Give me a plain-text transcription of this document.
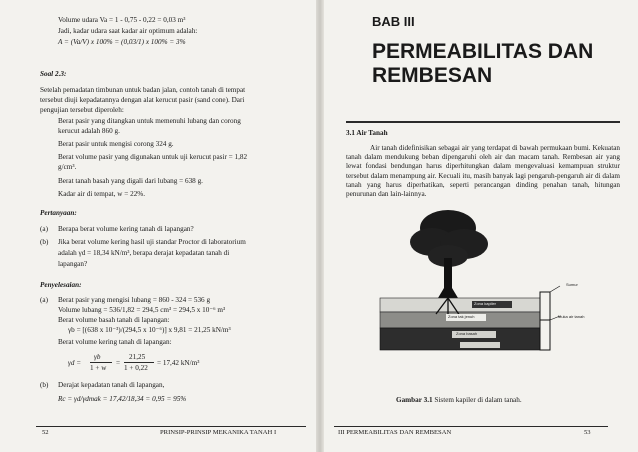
Volume udara Va = 1 - 0,75 - 0,22 = 0,03 m³
Jadi, kadar udara saat kadar air optimum adalah:
A = (Va/V) x 100% = (0,03/1) x 100% = 3%
Soal 2.3:
Setelah pemadatan timbunan untuk badan jalan, contoh tanah di tempat
tersebut diuji kepadatannya dengan alat kerucut pasir (sand cone). Dari
pengujian tersebut diperoleh:
Berat pasir yang ditangkan untuk memenuhi lubang dan corong
kerucut adalah 860 g.
Berat pasir untuk mengisi corong 324 g.
Berat volume pasir yang digunakan untuk uji kerucut pasir = 1,82
g/cm³.
Berat tanah basah yang digali dari lubang = 638 g.
Kadar air di tempat, w = 22%.
Pertanyaan:
(a) Berapa berat volume kering tanah di lapangan?
(b) Jika berat volume kering hasil uji standar Proctor di laboratorium
adalah γd = 18,34 kN/m³, berapa derajat kepadatan tanah di
lapangan?
Penyelesaian:
(a) Berat pasir yang mengisi lubang = 860 - 324 = 536 g
Volume lubang = 536/1,82 = 294,5 cm³ = 294,5 x 10⁻⁶ m³
Berat volume basah tanah di lapangan:
γb = [(638 x 10⁻³)/(294,5 x 10⁻⁶)] x 9,81 = 21,25 kN/m³
Berat volume kering tanah di lapangan:
γd =
γb
1 + w
=
21,25
1 + 0,22
= 17,42 kN/m³
(b) Derajat kepadatan tanah di lapangan,
Rc = γd/γdmak = 17,42/18,34 = 0,95 = 95%
52	PRINSIP-PRINSIP MEKANIKA TANAH I
BAB III
PERMEABILITAS DAN
REMBESAN
3.1 Air Tanah
Air tanah didefinisikan sebagai air yang terdapat di bawah permukaan bumi. Kekuatan tanah dalam mendukung beban dipengaruhi oleh air dan macam tanah. Rembesan air yang lewat fondasi bendungan harus diperhitungkan dalam mengevaluasi kemampuan struktur tersebut dalam menampung air. Kecuali itu, masih banyak lagi pengaruh-pengaruh air di dalam tanah yang harus diperhatikan, seperti perancangan dinding penahan tanah, hitungan penurunan dan lain-lainnya.
Sumur
Zona kapiler
Muka air tanah
Zona tak jenuh
Zona basah
Gambar 3.1 Sistem kapiler di dalam tanah.
III PERMEABILITAS DAN REMBESAN	53
